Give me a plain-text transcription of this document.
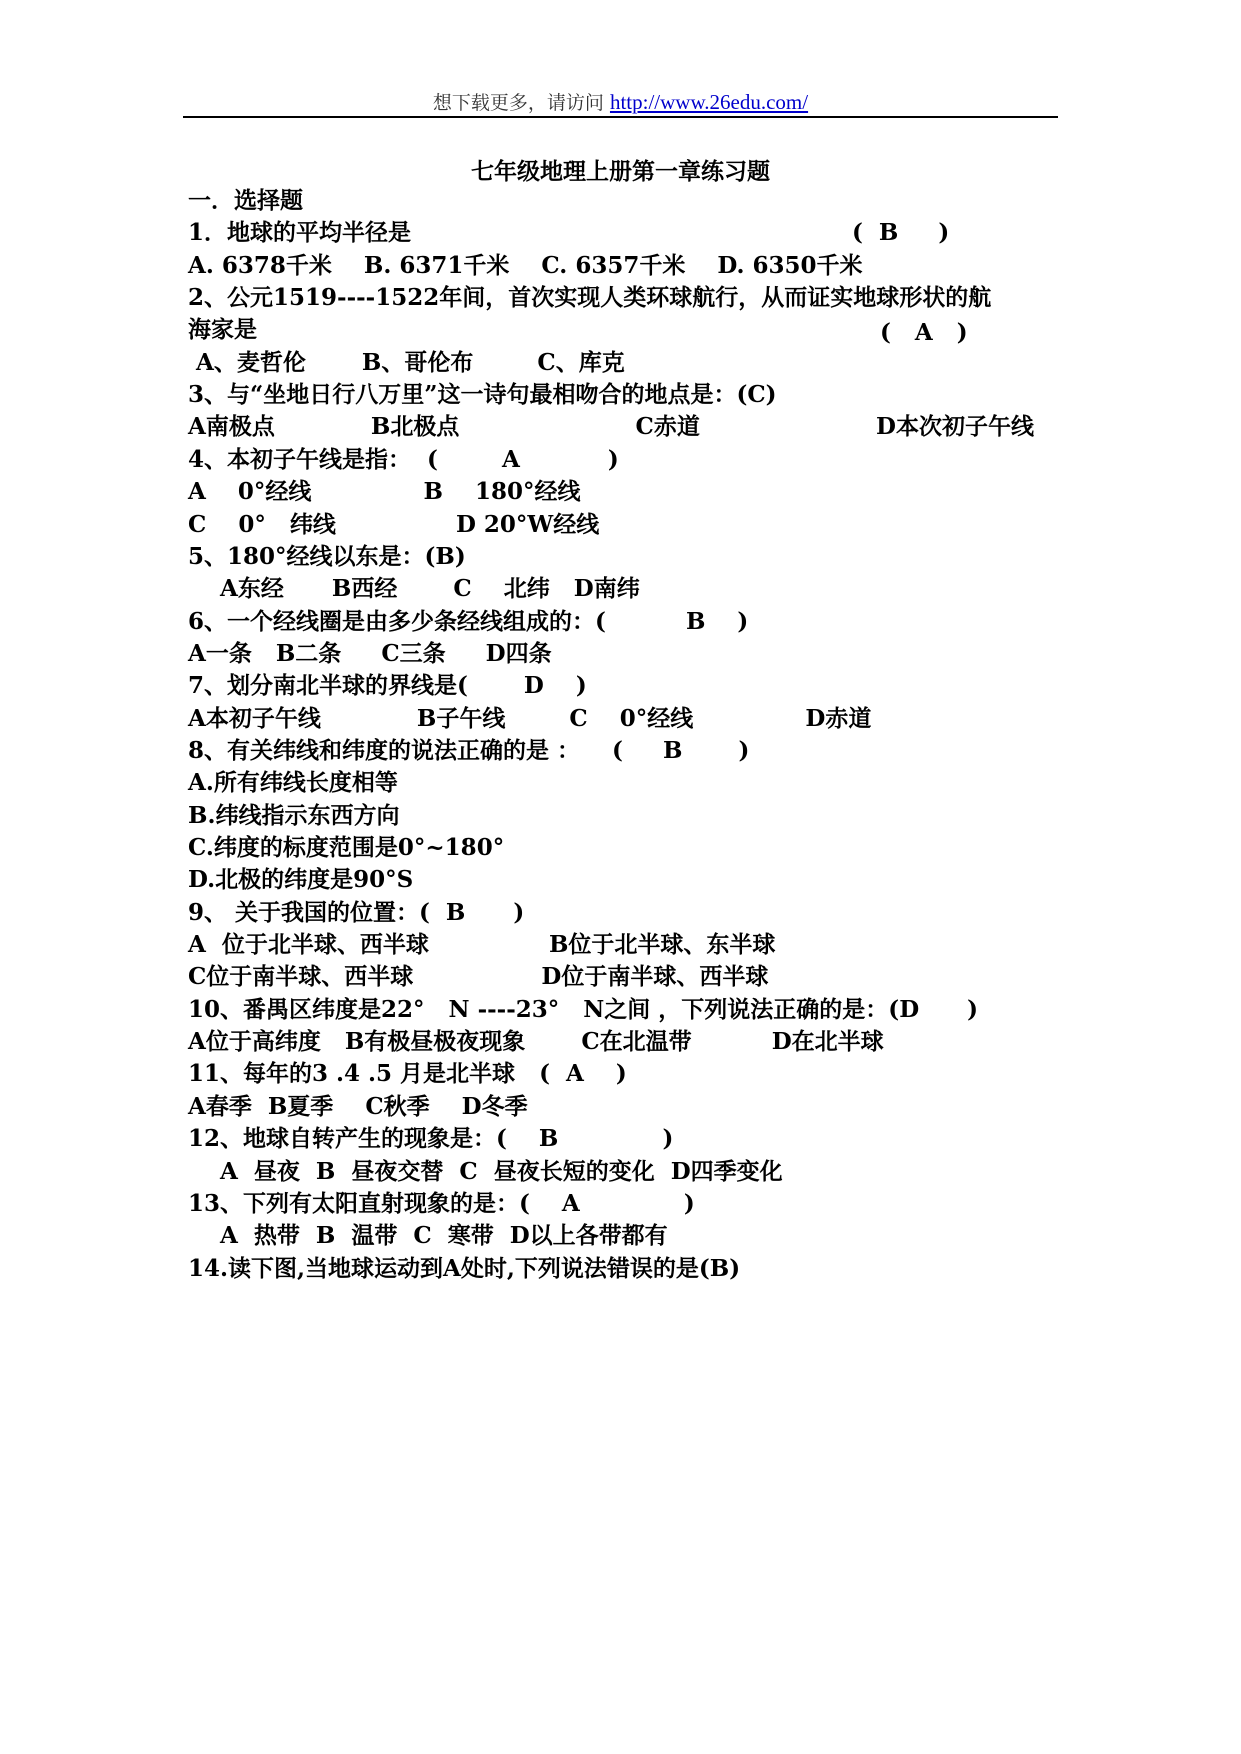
想下载更多，请访问 http://www.26edu.com/
七年级地理上册第一章练习题
一．选择题
1．地球的平均半径是
A. 6378千米    B. 6371千米    C. 6357千米    D. 6350千米
2、公元1519----1522年间，首次实现人类环球航行，从而证实地球形状的航
海家是
A、麦哲伦       B、哥伦布        C、库克
3、与“坐地日行八万里”这一诗句最相吻合的地点是：(C)
A南极点            B北极点                      C赤道                      D本次初子午线
4、本初子午线是指：  (        A           )
A    0°经线              B    180°经线
C    0°   纬线               D 20°W经线
5、180°经线以东是：(B)
A东经      B西经       C    北纬   D南纬
6、一个经线圈是由多少条经线组成的：(          B    )
A一条   B二条     C三条     D四条
7、划分南北半球的界线是(       D    )
A本初子午线            B子午线        C    0°经线              D赤道
8、有关纬线和纬度的说法正确的是 ：    (     B       )
A.所有纬线长度相等
B.纬线指示东西方向
C.纬度的标度范围是0°~180°
D.北极的纬度是90°S
9、 关于我国的位置：(  B      )
A  位于北半球、西半球               B位于北半球、东半球
C位于南半球、西半球                D位于南半球、西半球
10、番禺区纬度是22°   N ----23°   N之间 ，下列说法正确的是：(D      )
A位于高纬度   B有极昼极夜现象       C在北温带          D在北半球
11、每年的3 .4 .5 月是北半球   (  A    )
A春季  B夏季    C秋季    D冬季
12、地球自转产生的现象是：(    B             )
A  昼夜  B  昼夜交替  C  昼夜长短的变化  D四季变化
13、下列有太阳直射现象的是：(    A             )
A  热带  B  温带  C  寒带  D以上各带都有
14.读下图,当地球运动到A处时,下列说法错误的是(B)
(  B     )
(   A   )
